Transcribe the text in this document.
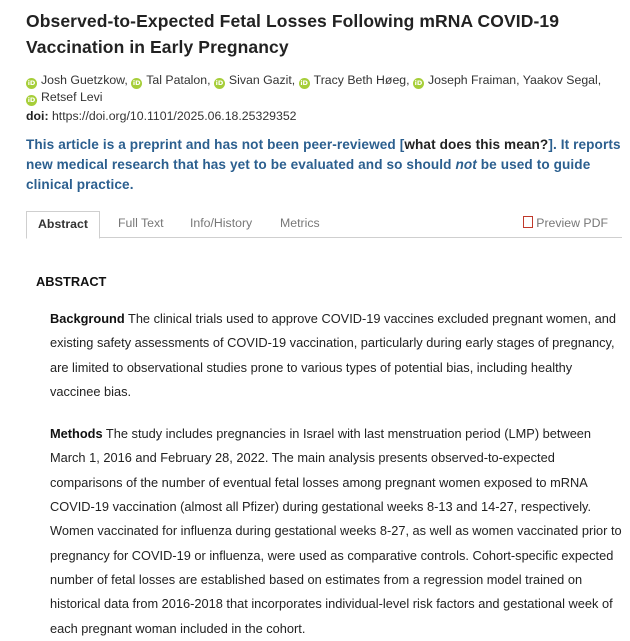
Observed-to-Expected Fetal Losses Following mRNA COVID-19 Vaccination in Early Pregnancy
iD Josh Guetzkow, iD Tal Patalon, iD Sivan Gazit, iD Tracy Beth Høeg, iD Joseph Fraiman, Yaakov Segal,
iD Retsef Levi
doi: https://doi.org/10.1101/2025.06.18.25329352
This article is a preprint and has not been peer-reviewed [what does this mean?]. It reports new medical research that has yet to be evaluated and so should not be used to guide clinical practice.
Abstract	Full Text Info/History Metrics	Preview PDF
ABSTRACT

Background The clinical trials used to approve COVID-19 vaccines excluded pregnant women, and existing safety assessments of COVID-19 vaccination, particularly during early stages of pregnancy, are limited to observational studies prone to various types of potential bias, including healthy vaccinee bias.

Methods The study includes pregnancies in Israel with last menstruation period (LMP) between March 1, 2016 and February 28, 2022. The main analysis presents observed-to-expected comparisons of the number of eventual fetal losses among pregnant women exposed to mRNA COVID-19 vaccination (almost all Pfizer) during gestational weeks 8-13 and 14-27, respectively. Women vaccinated for influenza during gestational weeks 8-27, as well as women vaccinated prior to pregnancy for COVID-19 or influenza, were used as comparative controls. Cohort-specific expected number of fetal losses are established based on estimates from a regression model trained on historical data from 2016-2018 that incorporates individual-level risk factors and gestational week of each pregnant woman included in the cohort.
